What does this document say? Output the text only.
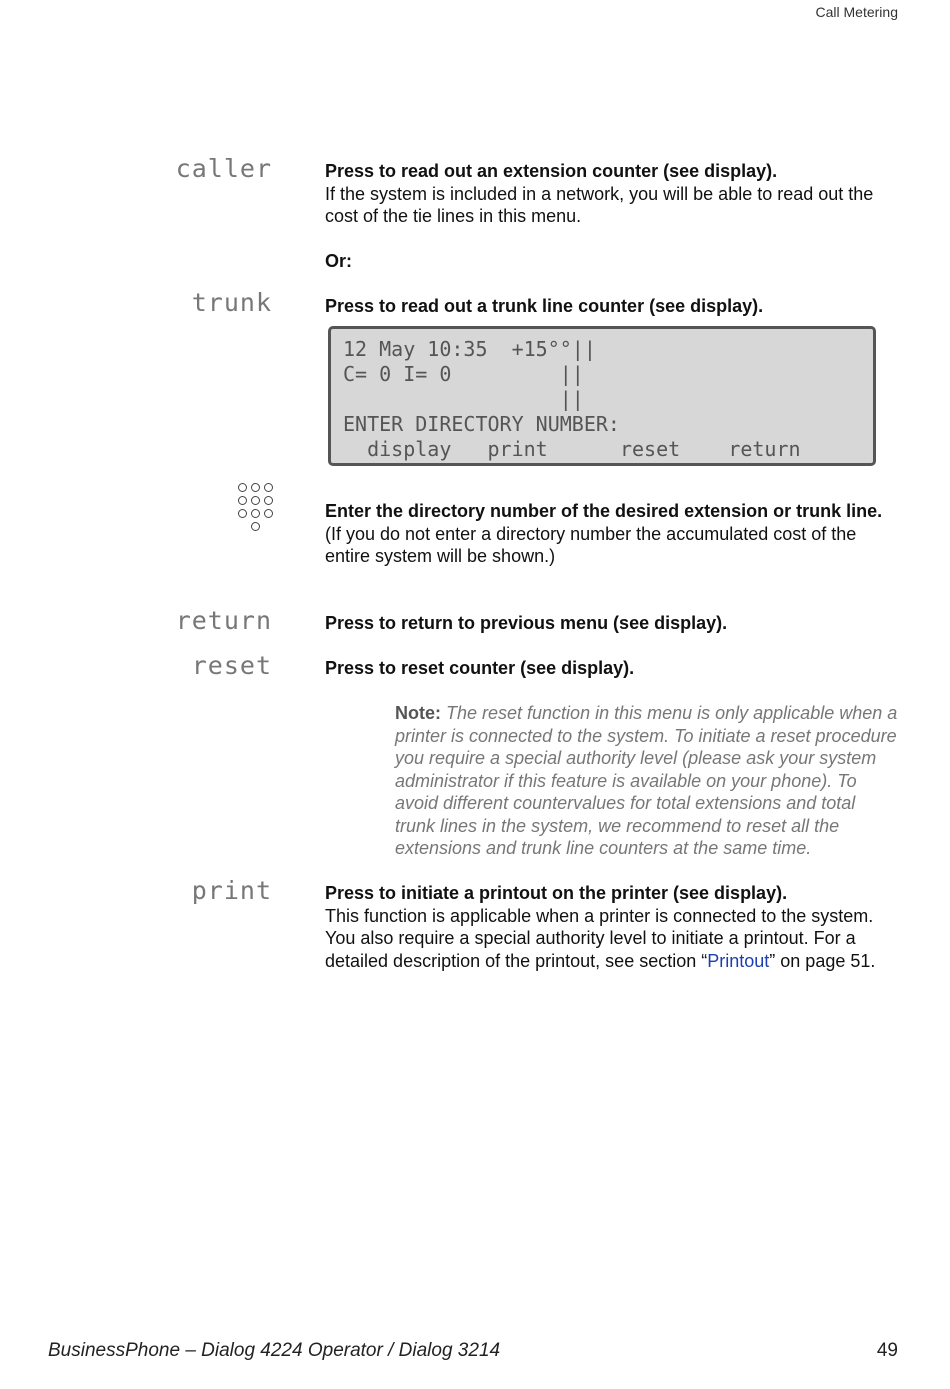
Call Metering
caller	Press to read out an extension counter (see display).
If the system is included in a network, you will be able to read out the cost of the tie lines in this menu.
Or:
trunk	Press to read out a trunk line counter (see display).
12 May 10:35  +15°°||
C= 0 I= 0         ||
||
ENTER DIRECTORY NUMBER:
display   print      reset    return
Enter the directory number of the desired extension or trunk line.
(If you do not enter a directory number the accumulated cost of the entire system will be shown.)
return	Press to return to previous menu (see display).
reset	Press to reset counter (see display).
Note: The reset function in this menu is only applicable when a printer is connected to the system. To initiate a reset procedure you require a special authority level (please ask your system administrator if this feature is available on your phone). To avoid different countervalues for total extensions and total trunk lines in the system, we recommend to reset all the extensions and trunk line counters at the same time.
print	Press to initiate a printout on the printer (see display).
This function is applicable when a printer is connected to the system. You also require a special authority level to initiate a printout. For a detailed description of the printout, see section “Printout” on page 51.
BusinessPhone – Dialog 4224 Operator / Dialog 3214	49
